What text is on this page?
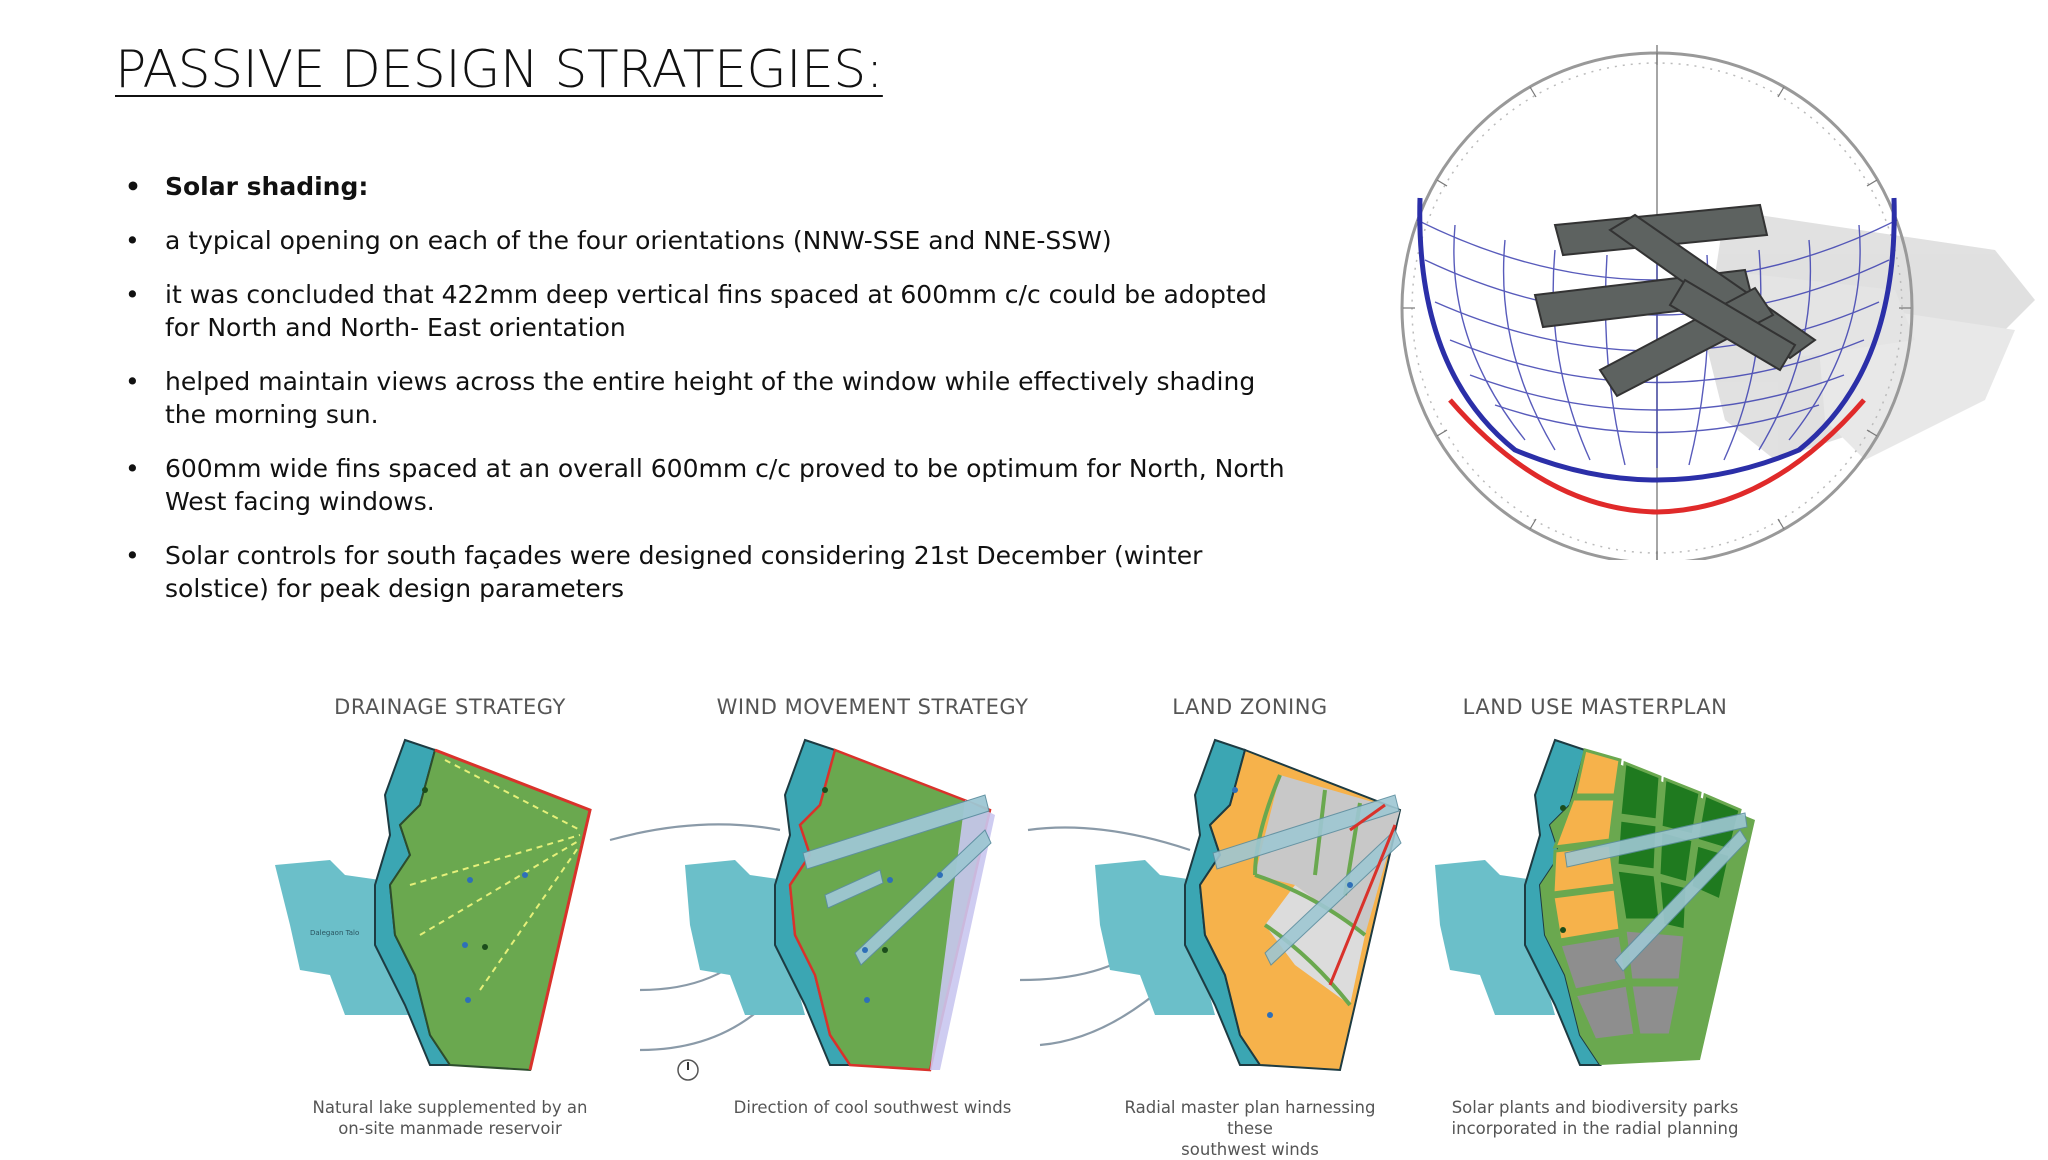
PASSIVE DESIGN STRATEGIES:
• Solar shading:
• a typical opening on each of the four orientations (NNW-SSE and NNE-SSW)
• it was concluded that 422mm deep vertical fins spaced at 600mm c/c could be adopted for North and North- East orientation
• helped maintain views across the entire height of the window while effectively shading the morning sun.
• 600mm wide fins spaced at an overall 600mm c/c proved to be optimum for North, North West facing windows.
• Solar controls for south façades were designed considering 21st December (winter solstice) for peak design parameters
DRAINAGE STRATEGY
Dalegaon Talo
Natural lake supplemented by an
on-site manmade reservoir
WIND MOVEMENT STRATEGY
Direction of cool southwest winds
LAND ZONING
Radial master plan harnessing these
southwest winds
LAND USE MASTERPLAN
Solar plants and biodiversity parks
incorporated in the radial planning
